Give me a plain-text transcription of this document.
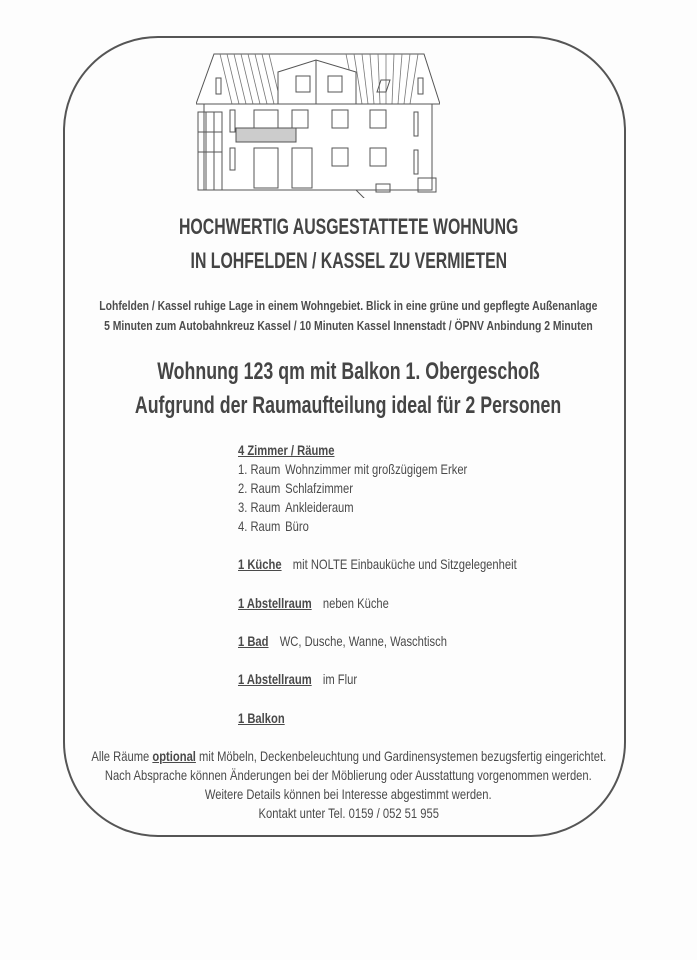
HOCHWERTIG AUSGESTATTETE WOHNUNG
IN LOHFELDEN / KASSEL ZU VERMIETEN
Lohfelden / Kassel ruhige Lage in einem Wohngebiet. Blick in eine grüne und gepflegte Außenanlage
5 Minuten zum Autobahnkreuz Kassel / 10 Minuten Kassel Innenstadt / ÖPNV Anbindung 2 Minuten
Wohnung 123 qm mit Balkon 1. Obergeschoß
Aufgrund der Raumaufteilung ideal für 2 Personen
4 Zimmer / Räume
1. Raum Wohnzimmer mit großzügigem Erker
2. Raum Schlafzimmer
3. Raum Ankleideraum
4. Raum Büro
1 Küche mit NOLTE Einbauküche und Sitzgelegenheit
1 Abstellraum neben Küche
1 Bad WC, Dusche, Wanne, Waschtisch
1 Abstellraum im Flur
1 Balkon
Alle Räume optional mit Möbeln, Deckenbeleuchtung und Gardinensystemen bezugsfertig eingerichtet.
Nach Absprache können Änderungen bei der Möblierung oder Ausstattung vorgenommen werden.
Weitere Details können bei Interesse abgestimmt werden.
Kontakt unter Tel. 0159 / 052 51 955
